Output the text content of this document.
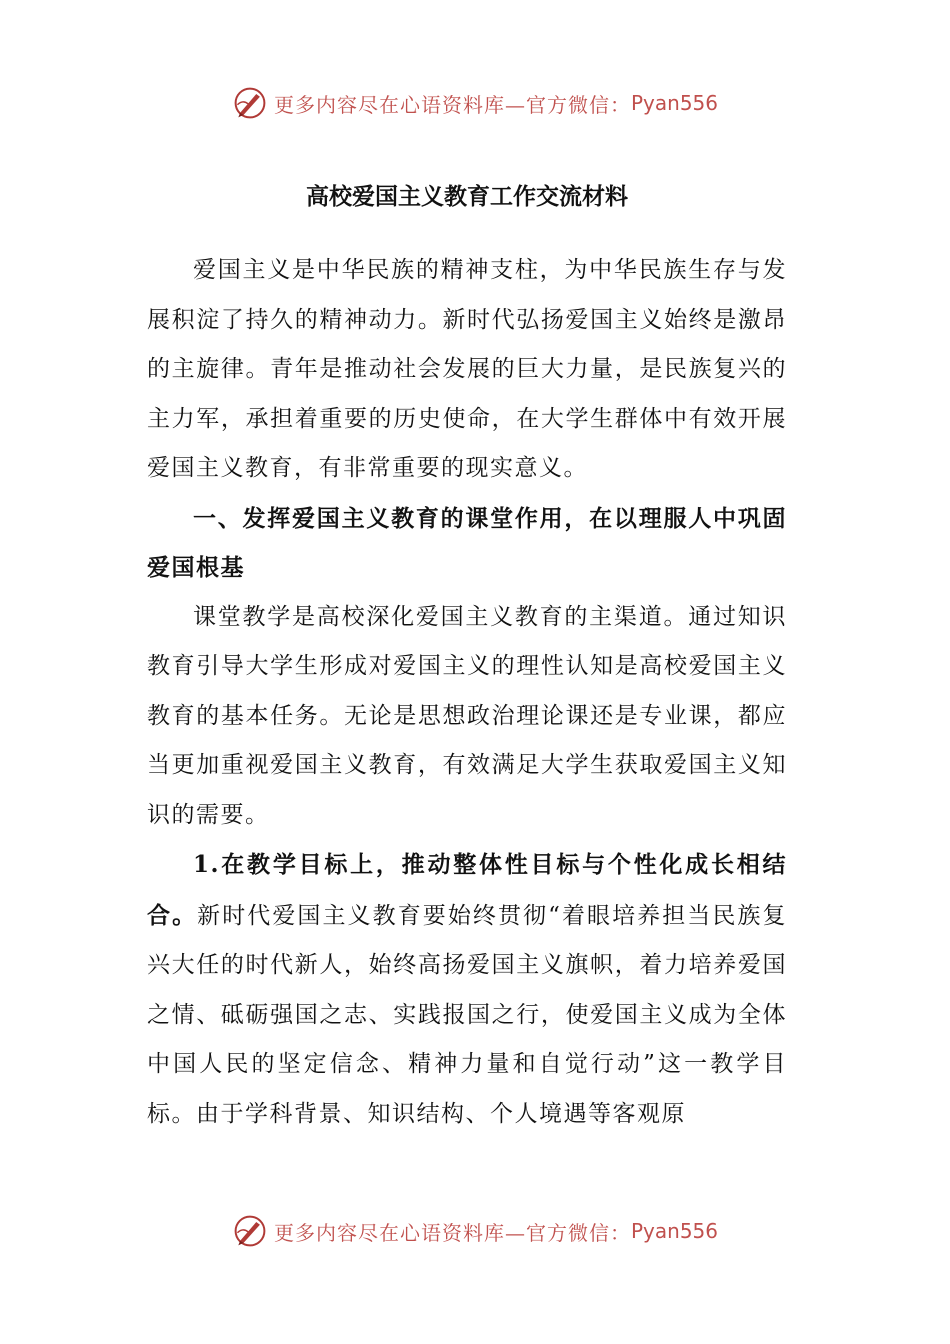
更多内容尽在心语资料库—官方微信： Pyan556
高校爱国主义教育工作交流材料

爱国主义是中华民族的精神支柱，为中华民族生存与发展积淀了持久的精神动力。新时代弘扬爱国主义始终是激昂的主旋律。青年是推动社会发展的巨大力量，是民族复兴的主力军，承担着重要的历史使命，在大学生群体中有效开展爱国主义教育，有非常重要的现实意义。

一、发挥爱国主义教育的课堂作用，在以理服人中巩固爱国根基

课堂教学是高校深化爱国主义教育的主渠道。通过知识教育引导大学生形成对爱国主义的理性认知是高校爱国主义教育的基本任务。无论是思想政治理论课还是专业课，都应当更加重视爱国主义教育，有效满足大学生获取爱国主义知识的需要。

1.在教学目标上，推动整体性目标与个性化成长相结合。新时代爱国主义教育要始终贯彻“着眼培养担当民族复兴大任的时代新人，始终高扬爱国主义旗帜，着力培养爱国之情、砥砺强国之志、实践报国之行，使爱国主义成为全体中国人民的坚定信念、精神力量和自觉行动”这一教学目标。由于学科背景、知识结构、个人境遇等客观原

更多内容尽在心语资料库—官方微信： Pyan556
